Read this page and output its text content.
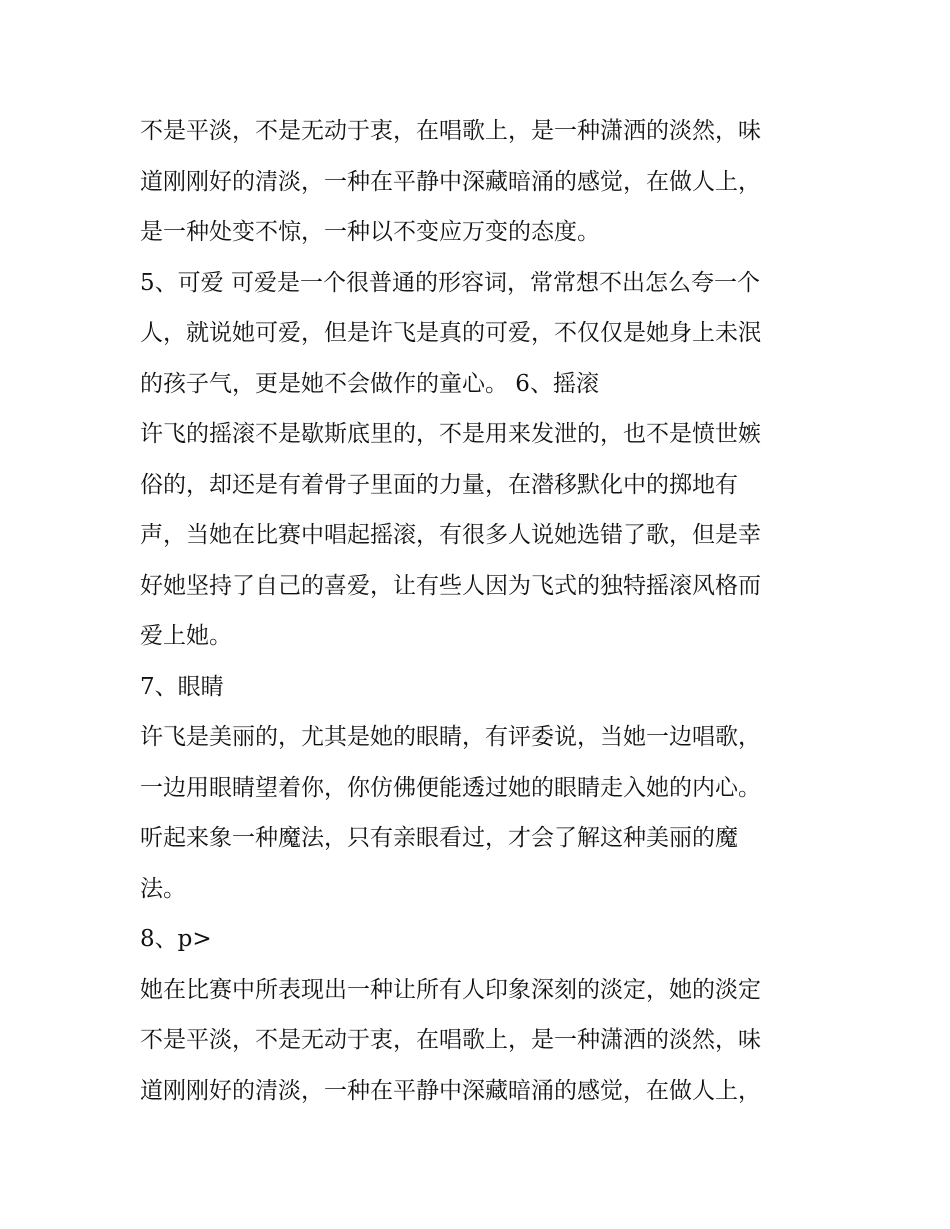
不是平淡，不是无动于衷，在唱歌上，是一种潇洒的淡然，味
道刚刚好的清淡，一种在平静中深藏暗涌的感觉，在做人上，
是一种处变不惊，一种以不变应万变的态度。
5、可爱 可爱是一个很普通的形容词，常常想不出怎么夸一个
人，就说她可爱，但是许飞是真的可爱，不仅仅是她身上未泯
的孩子气，更是她不会做作的童心。 6、摇滚
许飞的摇滚不是歇斯底里的，不是用来发泄的，也不是愤世嫉
俗的，却还是有着骨子里面的力量，在潜移默化中的掷地有
声，当她在比赛中唱起摇滚，有很多人说她选错了歌，但是幸
好她坚持了自己的喜爱，让有些人因为飞式的独特摇滚风格而
爱上她。
7、眼睛
许飞是美丽的，尤其是她的眼睛，有评委说，当她一边唱歌，
一边用眼睛望着你，你仿佛便能透过她的眼睛走入她的内心。
听起来象一种魔法，只有亲眼看过，才会了解这种美丽的魔
法。
8、p>
她在比赛中所表现出一种让所有人印象深刻的淡定，她的淡定
不是平淡，不是无动于衷，在唱歌上，是一种潇洒的淡然，味
道刚刚好的清淡，一种在平静中深藏暗涌的感觉，在做人上，
